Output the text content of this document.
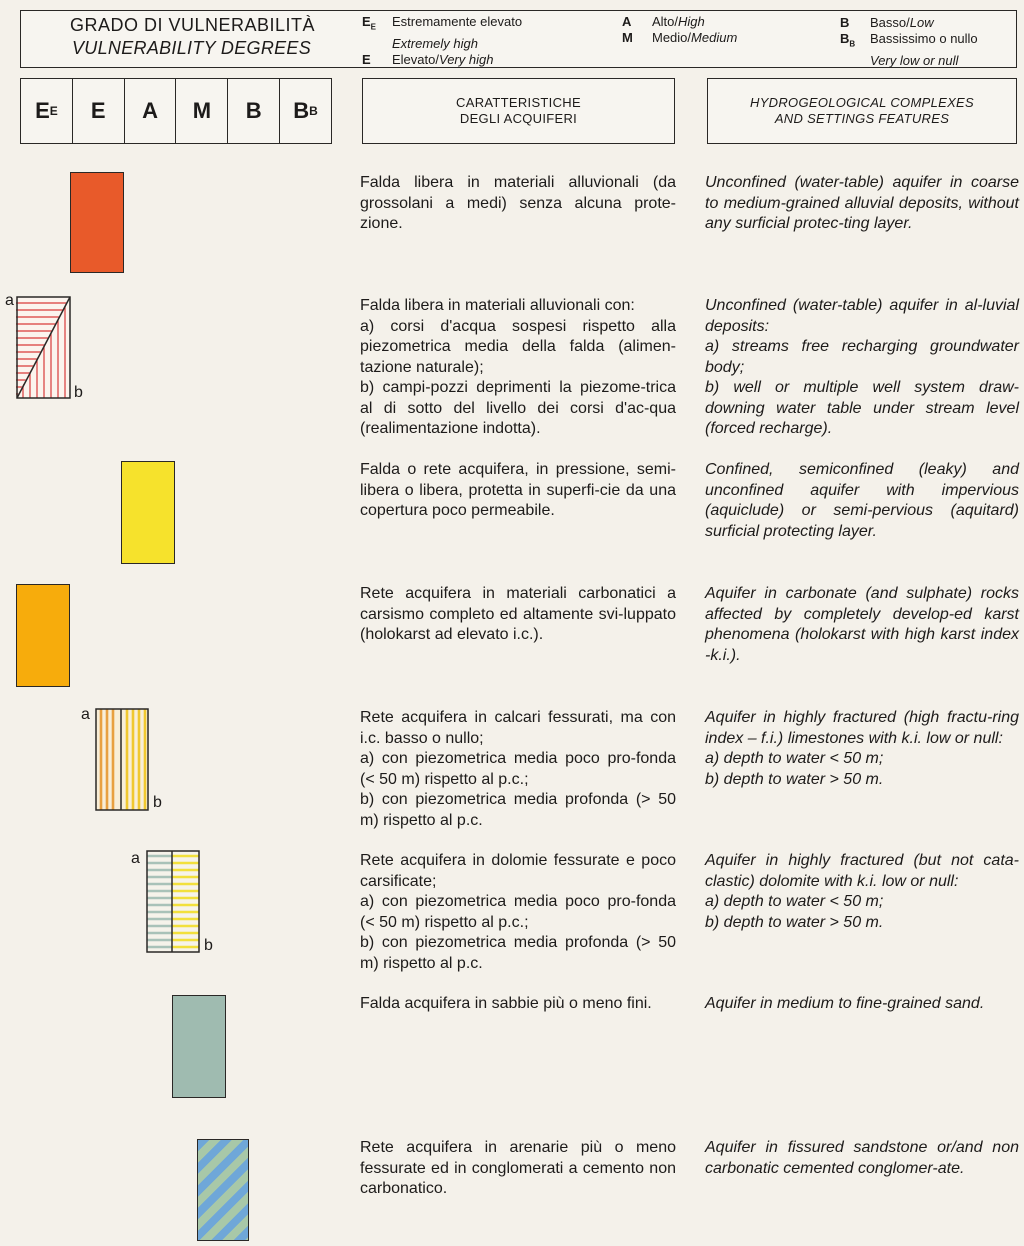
GRADO DI VULNERABILITÀ
VULNERABILITY DEGREES
$E_E$ Estremamente elevato
Extremely high
E Elevato/Very high
A Alto/High
M Medio/Medium
B Basso/Low
$B_B$ Bassissimo o nullo
Very low or null
E E E A M B B B
CARATTERISTICHE
DEGLI ACQUIFERI
HYDROGEOLOGICAL COMPLEXES
AND SETTINGS FEATURES
Falda libera in materiali alluvionali (da grossolani a medi) senza alcuna prote-zione.
Unconfined (water-table) aquifer in coarse to medium-grained alluvial deposits, without any surficial protec-ting layer.
a
b
Falda libera in materiali alluvionali con:
a) corsi d'acqua sospesi rispetto alla piezometrica media della falda (alimen-tazione naturale);
b) campi-pozzi deprimenti la piezome-trica al di sotto del livello dei corsi d'ac-qua (realimentazione indotta).
Unconfined (water-table) aquifer in al-luvial deposits:
a) streams free recharging groundwater body;
b) well or multiple well system draw-downing water table under stream level (forced recharge).
Falda o rete acquifera, in pressione, semi-libera o libera, protetta in superfi-cie da una copertura poco permeabile.
Confined, semiconfined (leaky) and unconfined aquifer with impervious (aquiclude) or semi-pervious (aquitard) surficial protecting layer.
Rete acquifera in materiali carbonatici a carsismo completo ed altamente svi-luppato (holokarst ad elevato i.c.).
Aquifer in carbonate (and sulphate) rocks affected by completely develop-ed karst phenomena (holokarst with high karst index -k.i.).
a
b
Rete acquifera in calcari fessurati, ma con i.c. basso o nullo;
a) con piezometrica media poco pro-fonda (< 50 m) rispetto al p.c.;
b) con piezometrica media profonda (> 50 m) rispetto al p.c.
Aquifer in highly fractured (high fractu-ring index – f.i.) limestones with k.i. low or null:
a) depth to water < 50 m;
b) depth to water > 50 m.
a
b
Rete acquifera in dolomie fessurate e poco carsificate;
a) con piezometrica media poco pro-fonda (< 50 m) rispetto al p.c.;
b) con piezometrica media profonda (> 50 m) rispetto al p.c.
Aquifer in highly fractured (but not cata-clastic) dolomite with k.i. low or null:
a) depth to water < 50 m;
b) depth to water > 50 m.
Falda acquifera in sabbie più o meno fini.	Aquifer in medium to fine-grained sand.
Rete acquifera in arenarie più o meno fessurate ed in conglomerati a cemento non carbonatico.
Aquifer in fissured sandstone or/and non carbonatic cemented conglomer-ate.
